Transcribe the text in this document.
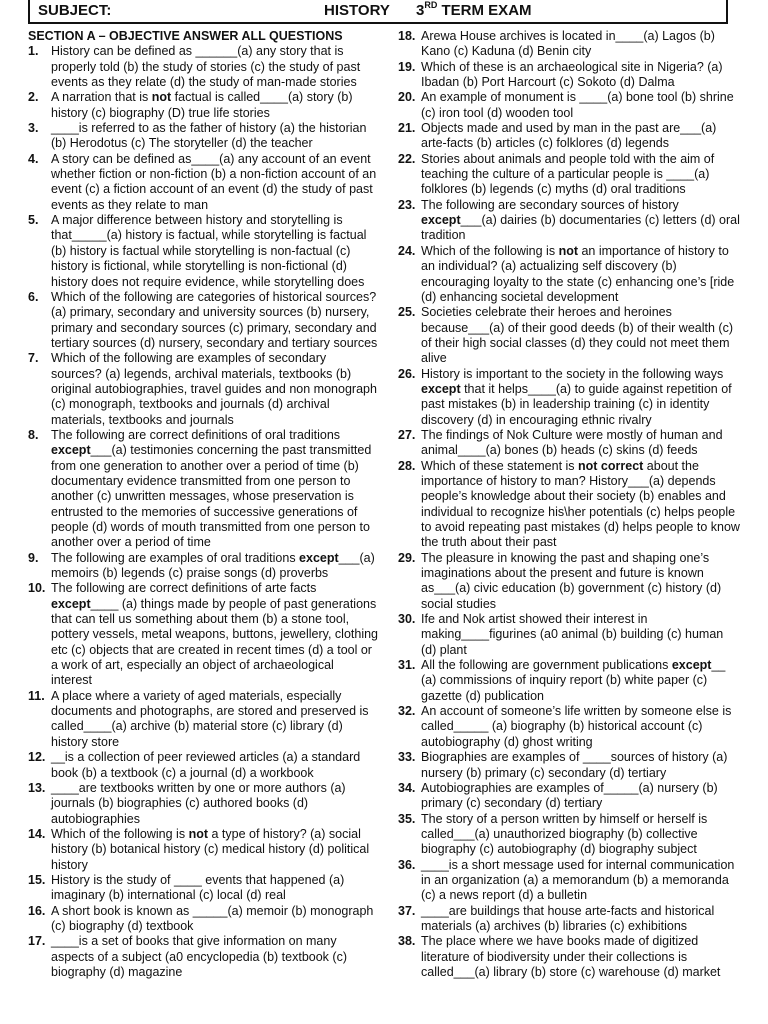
SUBJECT:	HISTORY 3RD TERM EXAM
SECTION A – OBJECTIVE ANSWER ALL QUESTIONS
1.	History can be defined as ______(a) any story that is properly told (b) the study of stories (c) the study of past events as they relate (d) the study of man-made stories
2.	A narration that is not factual is called____(a) story (b) history (c) biography (D) true life stories
3.	____is referred to as the father of history (a) the historian (b) Herodotus (c) The storyteller (d) the teacher
4.	A story can be defined as____(a) any account of an event whether fiction or non-fiction (b) a non-fiction account of an event (c) a fiction account of an event (d) the study of past events as they relate to man
5.	A major difference between history and storytelling is that_____(a) history is factual, while storytelling is factual (b) history is factual while storytelling is non-factual (c) history is fictional, while storytelling is non-fictional (d) history does not require evidence, while storytelling does
6.	Which of the following are categories of historical sources? (a) primary, secondary and university sources (b) nursery, primary and secondary sources (c) primary, secondary and tertiary sources (d) nursery, secondary and tertiary sources
7.	Which of the following are examples of secondary sources? (a) legends, archival materials, textbooks (b) original autobiographies, travel guides and non monograph (c) monograph, textbooks and journals (d) archival materials, textbooks and journals
8.	The following are correct definitions of oral traditions except___(a) testimonies concerning the past transmitted from one generation to another over a period of time (b) documentary evidence transmitted from one person to another (c) unwritten messages, whose preservation is entrusted to the memories of successive generations of people (d) words of mouth transmitted from one person to another over a period of time
9.	The following are examples of oral traditions except___(a) memoirs (b) legends (c) praise songs (d) proverbs
10. The following are correct definitions of arte facts except____ (a) things made by people of past generations that can tell us something about them (b) a stone tool, pottery vessels, metal weapons, buttons, jewellery, clothing etc (c) objects that are created in recent times (d) a tool or a work of art, especially an object of archaeological interest
11. A place where a variety of aged materials, especially documents and photographs, are stored and preserved is called____(a) archive (b) material store (c) library (d) history store
12. __is a collection of peer reviewed articles (a) a standard book (b) a textbook (c) a journal (d) a workbook
13. ____are textbooks written by one or more authors (a) journals (b) biographies (c) authored books (d) autobiographies
14. Which of the following is not a type of history? (a) social history (b) botanical history (c) medical history (d) political history
15. History is the study of ____ events that happened (a) imaginary (b) international (c) local (d) real
16. A short book is known as _____(a) memoir (b) monograph (c) biography (d) textbook
17. ____is a set of books that give information on many aspects of a subject (a0 encyclopedia (b) textbook (c) biography (d) magazine
18. Arewa House archives is located in____(a) Lagos (b) Kano (c) Kaduna (d) Benin city
19. Which of these is an archaeological site in Nigeria? (a) Ibadan (b) Port Harcourt (c) Sokoto (d) Dalma
20. An example of monument is ____(a) bone tool (b) shrine (c) iron tool (d) wooden tool
21. Objects made and used by man in the past are___(a) arte-facts (b) articles (c) folklores (d) legends
22. Stories about animals and people told with the aim of teaching the culture of a particular people is ____(a) folklores (b) legends (c) myths (d) oral traditions
23. The following are secondary sources of history except___(a) dairies (b) documentaries (c) letters (d) oral tradition
24. Which of the following is not an importance of history to an individual? (a) actualizing self discovery (b) encouraging loyalty to the state (c) enhancing one’s [ride (d) enhancing societal development
25. Societies celebrate their heroes and heroines because___(a) of their good deeds (b) of their wealth (c) of their high social classes (d) they could not meet them alive
26. History is important to the society in the following ways except that it helps____(a) to guide against repetition of past mistakes (b) in leadership training (c) in identity discovery (d) in encouraging ethnic rivalry
27. The findings of Nok Culture were mostly of human and animal____(a) bones (b) heads (c) skins (d) feeds
28. Which of these statement is not correct about the importance of history to man? History___(a) depends people’s knowledge about their society (b) enables and individual to recognize his\her potentials (c) helps people to avoid repeating past mistakes (d) helps people to know the truth about their past
29. The pleasure in knowing the past and shaping one’s imaginations about the present and future is known as___(a) civic education (b) government (c) history (d) social studies
30. Ife and Nok artist showed their interest in making____figurines (a0 animal (b) building (c) human (d) plant
31. All the following are government publications except__ (a) commissions of inquiry report (b) white paper (c) gazette (d) publication
32. An account of someone’s life written by someone else is called_____ (a) biography (b) historical account (c) autobiography (d) ghost writing
33. Biographies are examples of ____sources of history (a) nursery (b) primary (c) secondary (d) tertiary
34. Autobiographies are examples of_____(a) nursery (b) primary (c) secondary (d) tertiary
35. The story of a person written by himself or herself is called___(a) unauthorized biography (b) collective biography (c) autobiography (d) biography subject
36. ____is a short message used for internal communication in an organization (a) a memorandum (b) a memoranda (c) a news report (d) a bulletin
37. ____are buildings that house arte-facts and historical materials (a) archives (b) libraries (c) exhibitions
38. The place where we have books made of digitized literature of biodiversity under their collections is called___(a) library (b) store (c) warehouse (d) market
